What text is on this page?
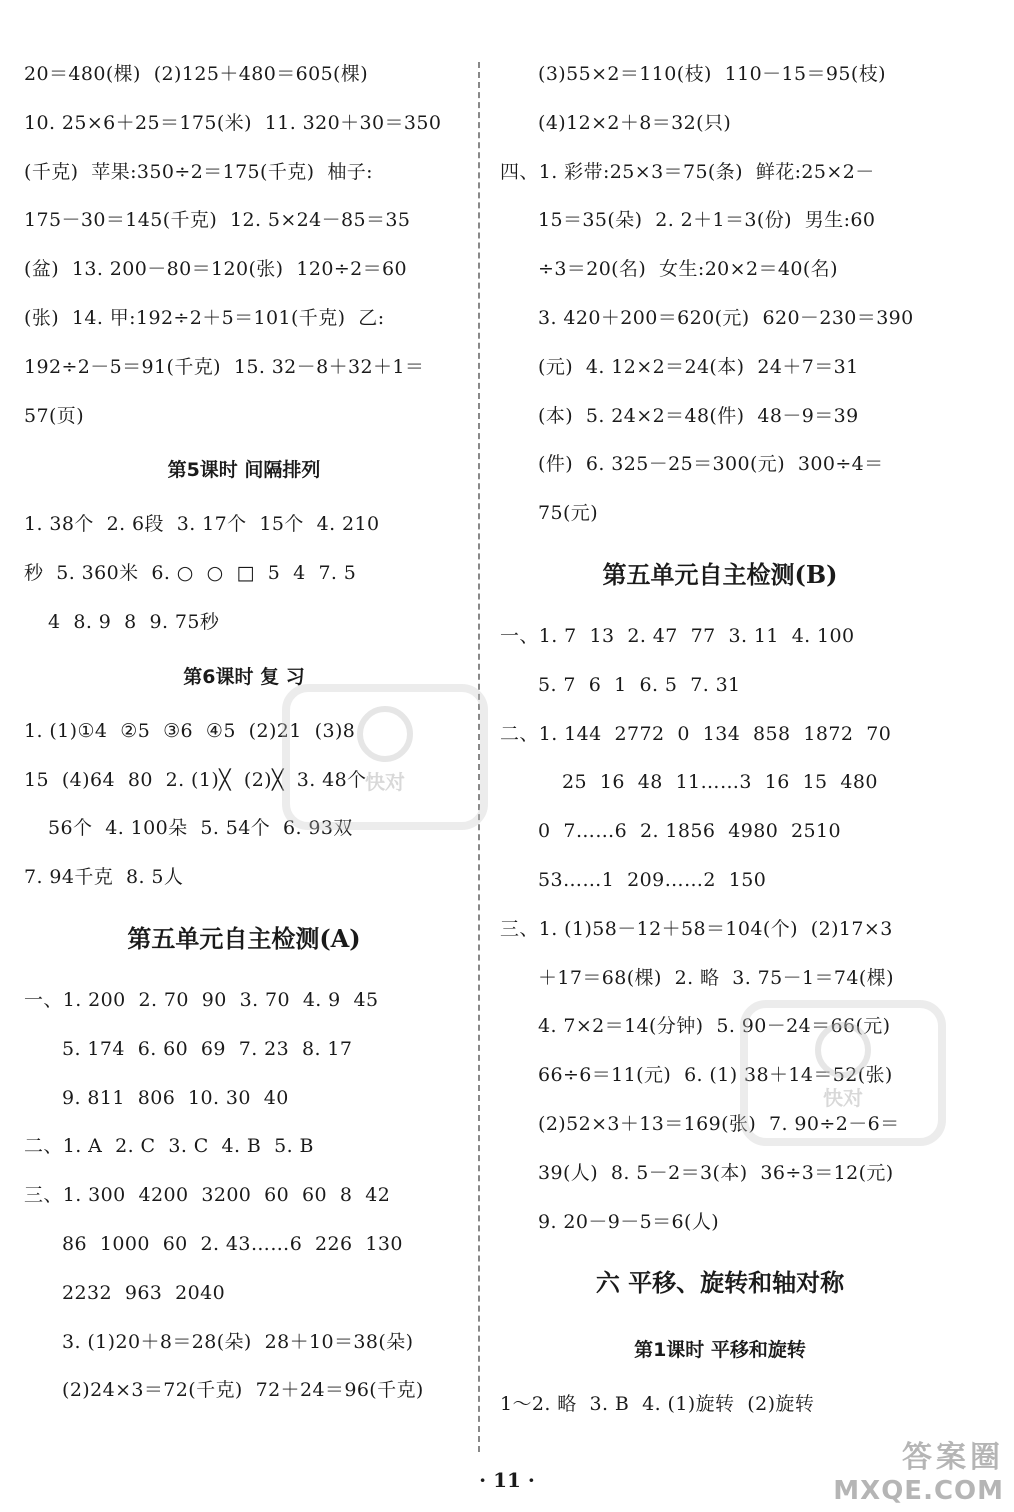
20＝480(棵)  (2)125＋480＝605(棵)
10. 25×6＋25＝175(米)  11. 320＋30＝350
(千克)  苹果:350÷2＝175(千克)  柚子:
175－30＝145(千克)  12. 5×24－85＝35
(盆)  13. 200－80＝120(张)  120÷2＝60
(张)  14. 甲:192÷2＋5＝101(千克)  乙:
192÷2－5＝91(千克)  15. 32－8＋32＋1＝
57(页)
第5课时 间隔排列
1. 38个  2. 6段  3. 17个  15个  4. 210
秒  5. 360米  6. ○  ○  □  5  4  7. 5
4  8. 9  8  9. 75秒
第6课时 复 习
1. (1)①4  ②5  ③6  ④5  (2)21  (3)8
15  (4)64  80  2. (1)╳  (2)╳  3. 48个
56个  4. 100朵  5. 54个  6. 93双
7. 94千克  8. 5人
第五单元自主检测(A)
一、1. 200  2. 70  90  3. 70  4. 9  45
5. 174  6. 60  69  7. 23  8. 17
9. 811  806  10. 30  40
二、1. A  2. C  3. C  4. B  5. B
三、1. 300  4200  3200  60  60  8  42
86  1000  60  2. 43……6  226  130
2232  963  2040
3. (1)20＋8＝28(朵)  28＋10＝38(朵)
(2)24×3＝72(千克)  72＋24＝96(千克)
(3)55×2＝110(枝)  110－15＝95(枝)
(4)12×2＋8＝32(只)
四、1. 彩带:25×3＝75(条)  鲜花:25×2－
15＝35(朵)  2. 2＋1＝3(份)  男生:60
÷3＝20(名)  女生:20×2＝40(名)
3. 420＋200＝620(元)  620－230＝390
(元)  4. 12×2＝24(本)  24＋7＝31
(本)  5. 24×2＝48(件)  48－9＝39
(件)  6. 325－25＝300(元)  300÷4＝
75(元)
第五单元自主检测(B)
一、1. 7  13  2. 47  77  3. 11  4. 100
5. 7  6  1  6. 5  7. 31
二、1. 144  2772  0  134  858  1872  70
25  16  48  11……3  16  15  480
0  7……6  2. 1856  4980  2510
53……1  209……2  150
三、1. (1)58－12＋58＝104(个)  (2)17×3
＋17＝68(棵)  2. 略  3. 75－1＝74(棵)
4. 7×2＝14(分钟)  5. 90－24＝66(元)
66÷6＝11(元)  6. (1) 38＋14＝52(张)
(2)52×3＋13＝169(张)  7. 90÷2－6＝
39(人)  8. 5－2＝3(本)  36÷3＝12(元)
9. 20－9－5＝6(人)
六 平移、旋转和轴对称
第1课时 平移和旋转
1～2. 略  3. B  4. (1)旋转  (2)旋转
快对
快对
· 11 ·
答案圈
MXQE.COM
